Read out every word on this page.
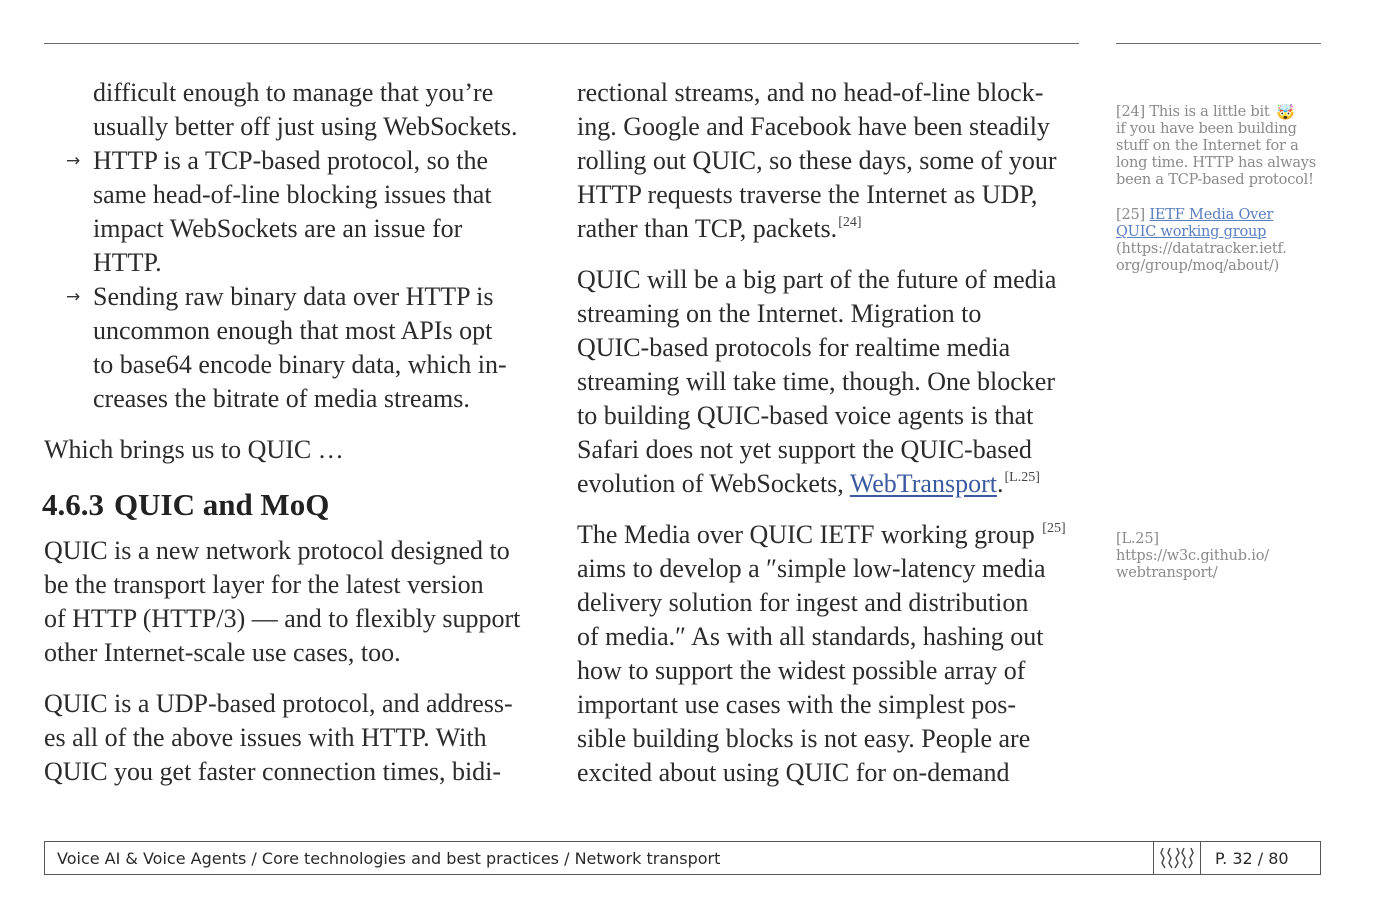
difficult enough to manage that you’re
usually better off just using WebSockets.
→ HTTP is a TCP-based protocol, so the
same head-of-line blocking issues that
impact WebSockets are an issue for
HTTP.
→ Sending raw binary data over HTTP is
uncommon enough that most APIs opt
to base64 encode binary data, which in-
creases the bitrate of media streams.

Which brings us to QUIC …

4.6.3 QUIC and MoQ

QUIC is a new network protocol designed to
be the transport layer for the latest version
of HTTP (HTTP/3) — and to flexibly support
other Internet-scale use cases, too.

QUIC is a UDP-based protocol, and address-
es all of the above issues with HTTP. With
QUIC you get faster connection times, bidi-

rectional streams, and no head-of-line block-
ing. Google and Facebook have been steadily
rolling out QUIC, so these days, some of your
HTTP requests traverse the Internet as UDP,
rather than TCP, packets.[24]

QUIC will be a big part of the future of media
streaming on the Internet. Migration to
QUIC-based protocols for realtime media
streaming will take time, though. One blocker
to building QUIC-based voice agents is that
Safari does not yet support the QUIC-based
evolution of WebSockets, WebTransport.[L.25]

The Media over QUIC IETF working group [25]
aims to develop a ″simple low-latency media
delivery solution for ingest and distribution
of media.″ As with all standards, hashing out
how to support the widest possible array of
important use cases with the simplest pos-
sible building blocks is not easy. People are
excited about using QUIC for on-demand

[24] This is a little bit 🤯
if you have been building
stuff on the Internet for a
long time. HTTP has always
been a TCP-based protocol!
[25] IETF Media Over
QUIC working group
(https://datatracker.ietf.
org/group/moq/about/)
[L.25]
https://w3c.github.io/
webtransport/
Voice AI & Voice Agents / Core technologies and best practices / Network transport	P. 32 / 80
